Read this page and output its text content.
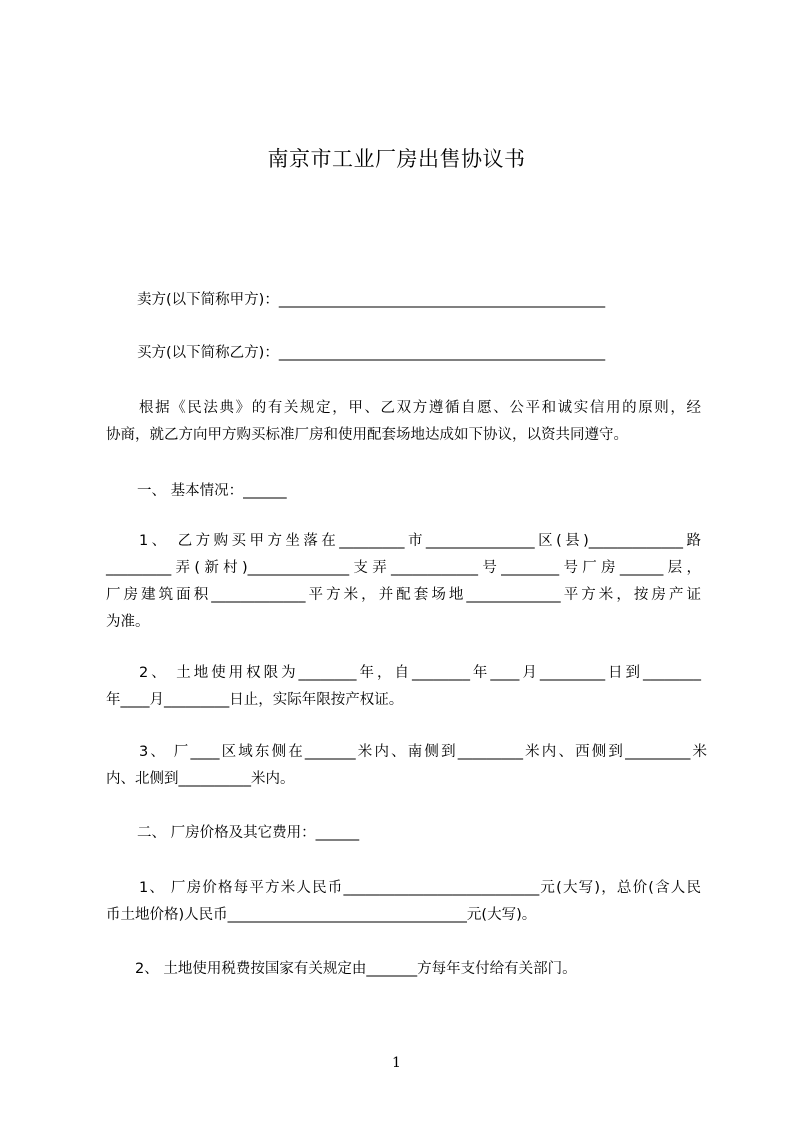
南京市工业厂房出售协议书
卖方(以下简称甲方)：_____________________________________________
买方(以下简称乙方)：_____________________________________________
根据《民法典》的有关规定，甲、乙双方遵循自愿、公平和诚实信用的原则，经
协商，就乙方向甲方购买标准厂房和使用配套场地达成如下协议，以资共同遵守。
一、 基本情况：______
1、 乙方购买甲方坐落在_________市_______________区(县)_____________路
_________弄(新村)______________支弄____________号________号厂房______层，
厂房建筑面积_____________平方米，并配套场地_____________平方米，按房产证
为准。
2、 土地使用权限为________年，自________年____月_________日到________
年____月_________日止，实际年限按产权证。
3、 厂____区域东侧在_______米内、南侧到_________米内、西侧到_________米
内、北侧到__________米内。
二、 厂房价格及其它费用：______
1、 厂房价格每平方米人民币___________________________元(大写)，总价(含人民
币土地价格)人民币_________________________________元(大写)。
2、 土地使用税费按国家有关规定由_______方每年支付给有关部门。
1
